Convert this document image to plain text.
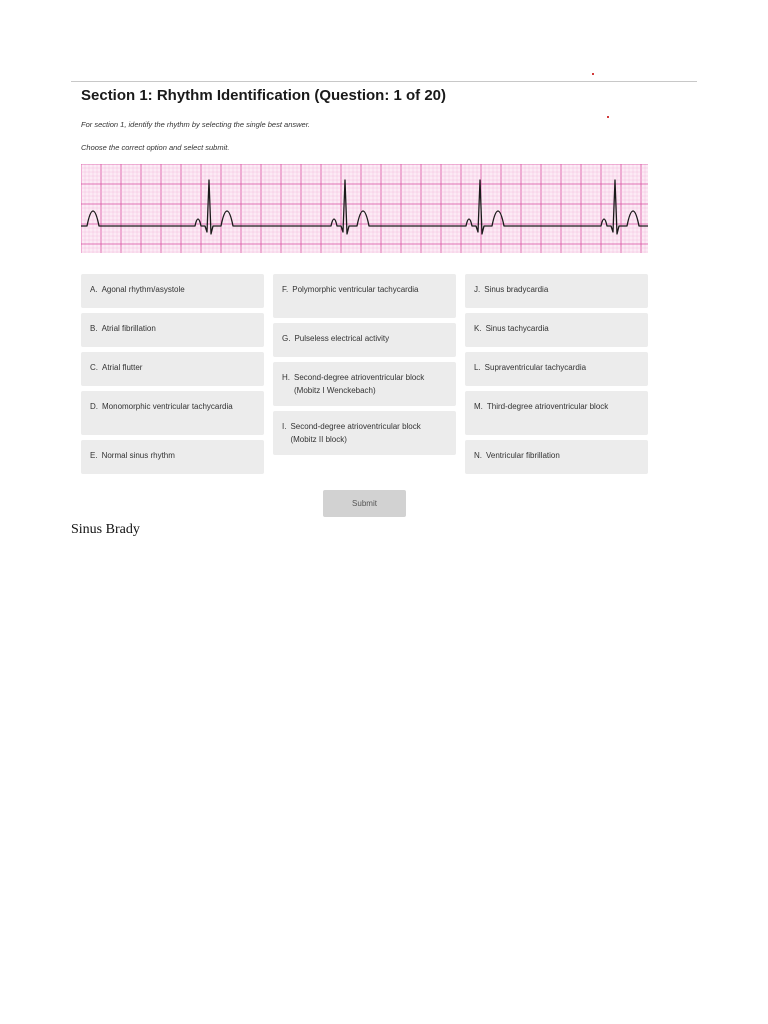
Section 1: Rhythm Identification (Question: 1 of 20)
For section 1, identify the rhythm by selecting the single best answer.
Choose the correct option and select submit.
A. Agonal rhythm/asystole
B. Atrial fibrillation
C. Atrial flutter
D. Monomorphic ventricular tachycardia
E. Normal sinus rhythm
F. Polymorphic ventricular tachycardia
G. Pulseless electrical activity
H. Second-degree atrioventricular block (Mobitz I Wenckebach)
I. Second-degree atrioventricular block (Mobitz II block)
J. Sinus bradycardia
K. Sinus tachycardia
L. Supraventricular tachycardia
M. Third-degree atrioventricular block
N. Ventricular fibrillation
Submit
Sinus Brady
